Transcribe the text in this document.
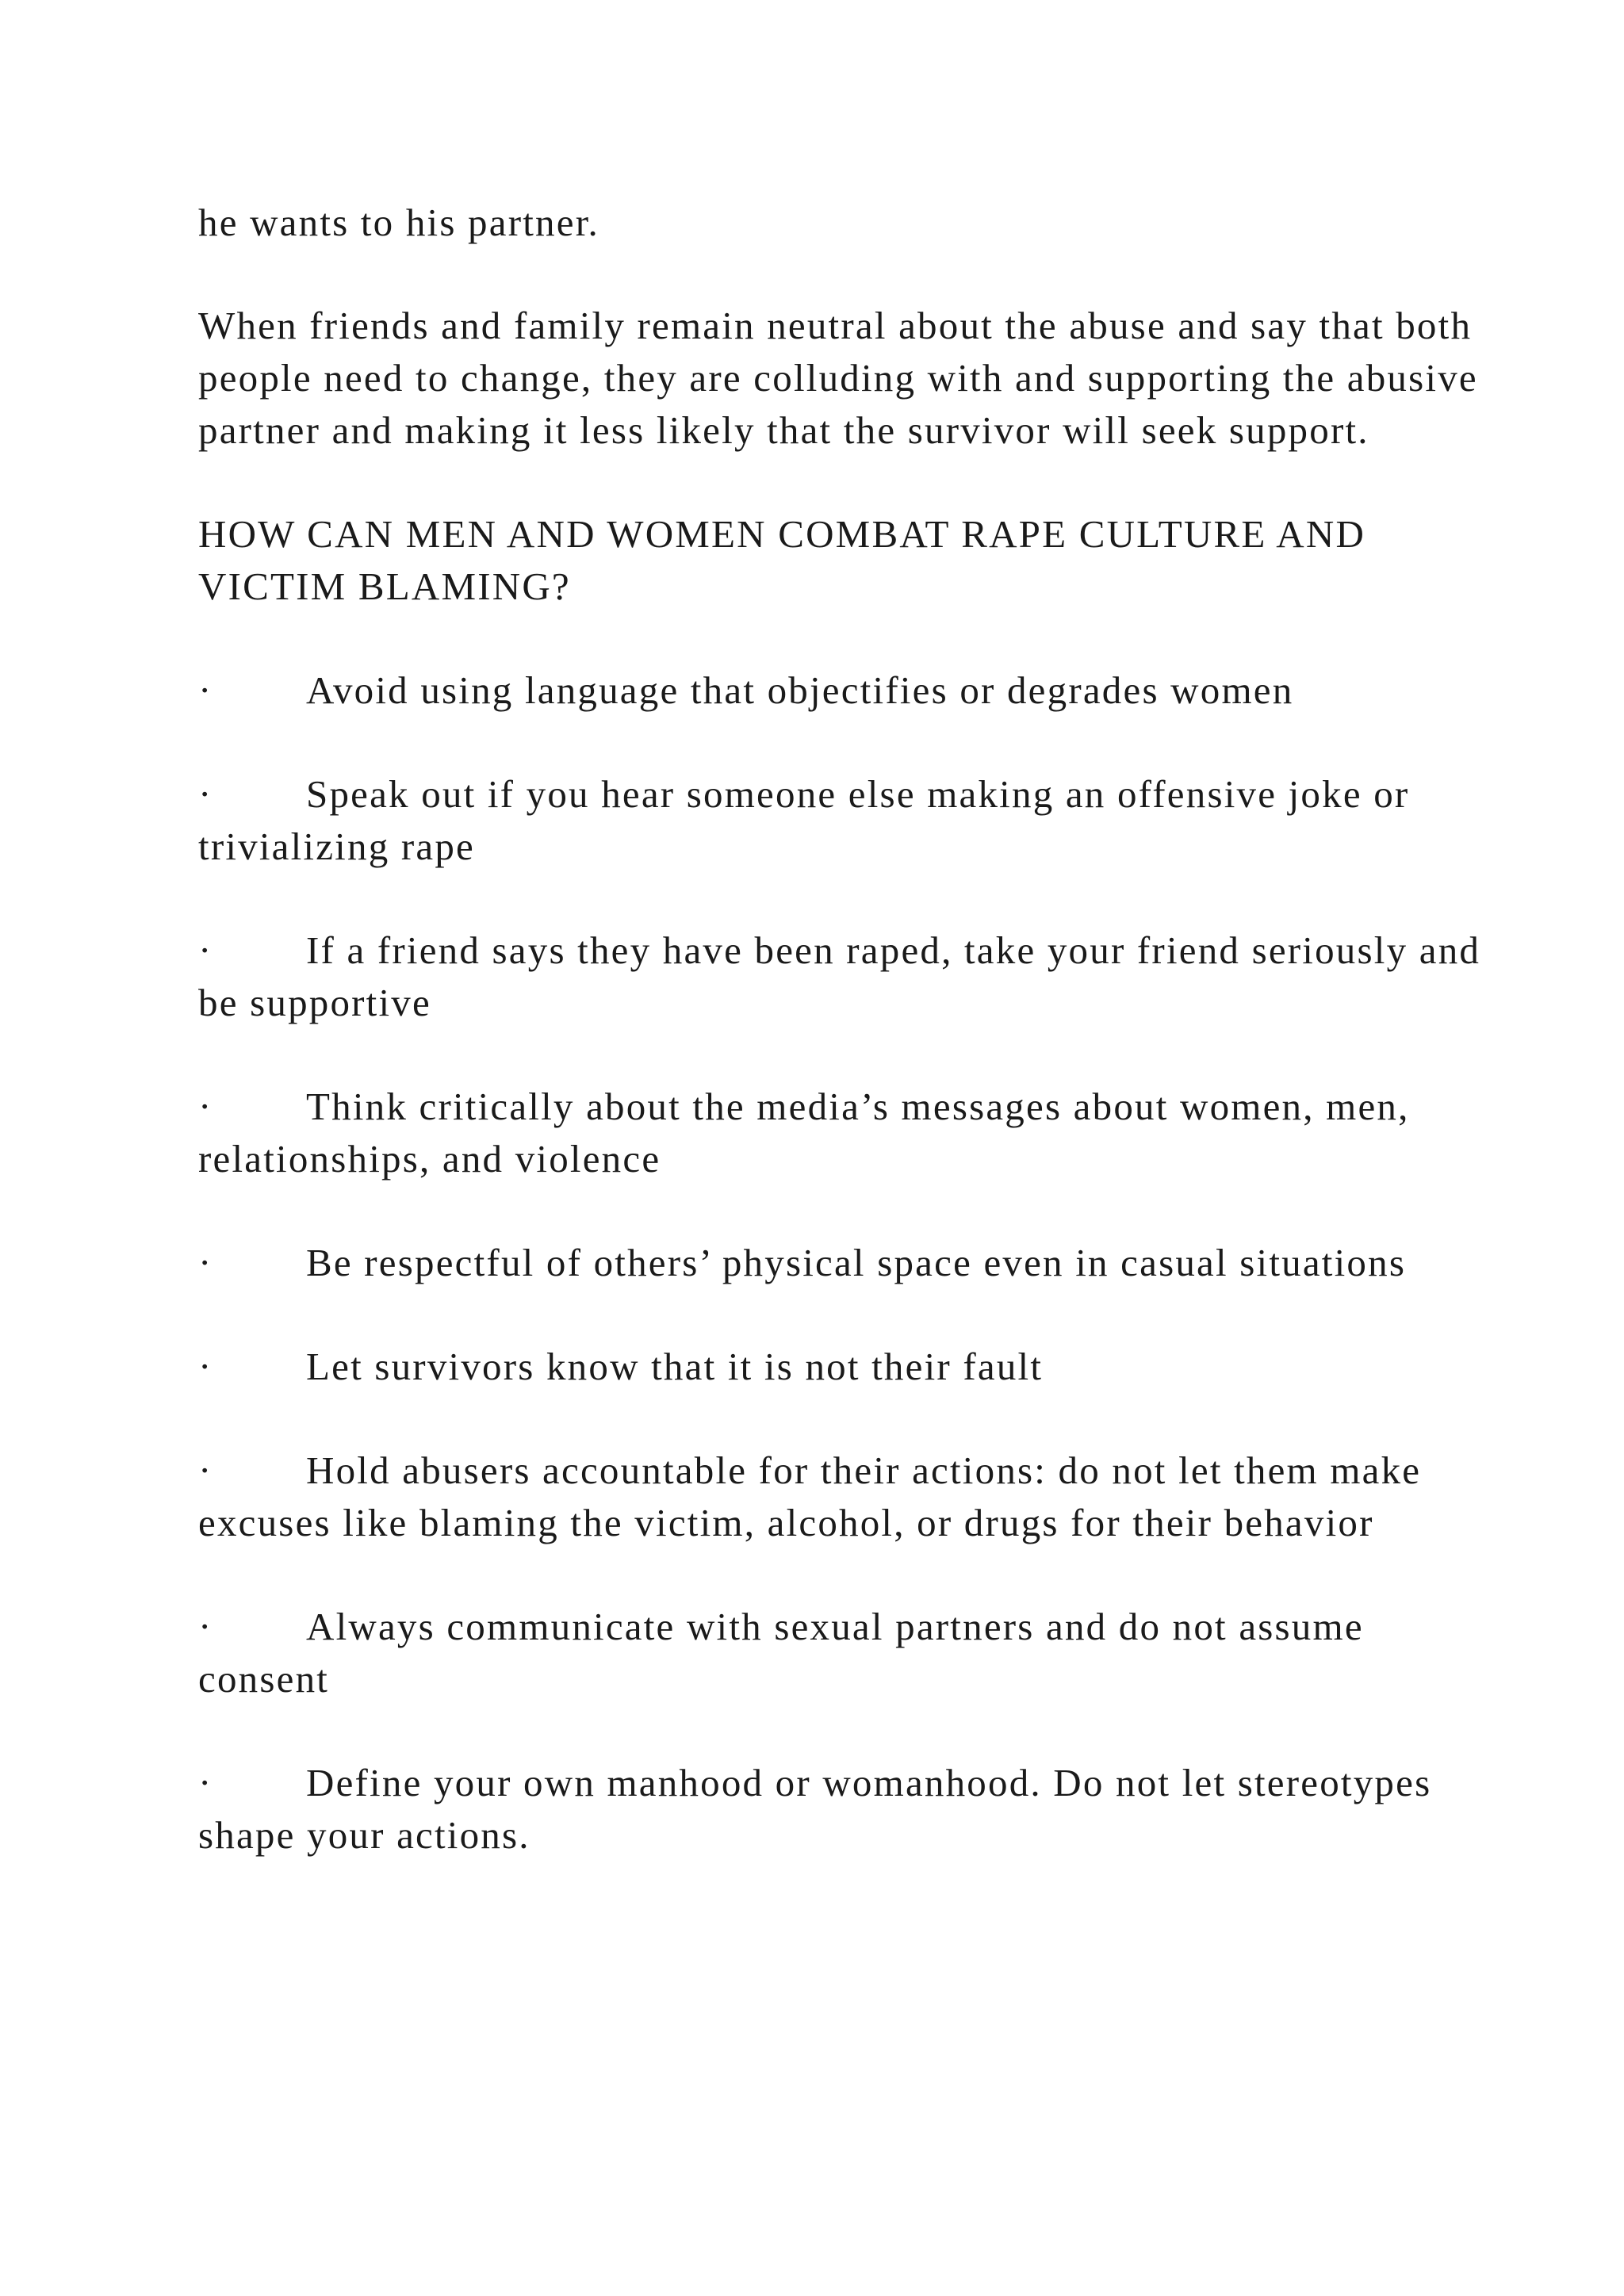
he wants to his partner.

When friends and family remain neutral about the abuse and say that both people need to change, they are colluding with and supporting the abusive partner and making it less likely that the survivor will seek support.

HOW CAN MEN AND WOMEN COMBAT RAPE CULTURE AND VICTIM BLAMING?

· Avoid using language that objectifies or degrades women

· Speak out if you hear someone else making an offensive joke or trivializing rape

· If a friend says they have been raped, take your friend seriously and be supportive

· Think critically about the media’s messages about women, men, relationships, and violence

· Be respectful of others’ physical space even in casual situations

· Let survivors know that it is not their fault

· Hold abusers accountable for their actions: do not let them make excuses like blaming the victim, alcohol, or drugs for their behavior

· Always communicate with sexual partners and do not assume consent

· Define your own manhood or womanhood. Do not let stereotypes shape your actions.
